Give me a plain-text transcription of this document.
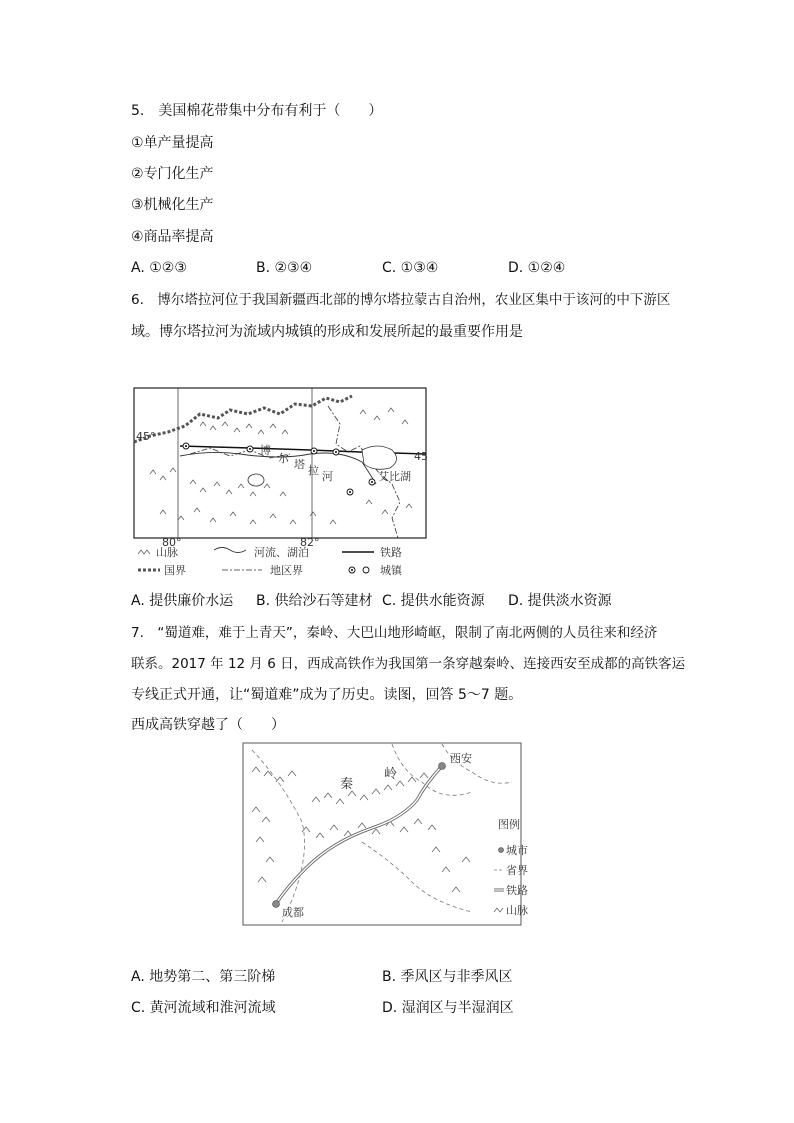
5.　美国棉花带集中分布有利于（　　）
①单产量提高
②专门化生产
③机械化生产
④商品率提高
A. ①②③	B. ②③④	C. ①③④	D. ①②④
6.　博尔塔拉河位于我国新疆西北部的博尔塔拉蒙古自治州，农业区集中于该河的中下游区
域。博尔塔拉河为流域内城镇的形成和发展所起的最重要作用是
45°
45
博
尔 塔 拉 河	艾比湖
80°	82°
山脉	河流、湖泊	铁路
国界	地区界	城镇
A. 提供廉价水运 B. 供给沙石等建材 C. 提供水能资源 D. 提供淡水资源
7.　“蜀道难，难于上青天”，秦岭、大巴山地形崎岖，限制了南北两侧的人员往来和经济
联系。2017 年 12 月 6 日，西成高铁作为我国第一条穿越秦岭、连接西安至成都的高铁客运
专线正式开通，让“蜀道难”成为了历史。读图，回答 5～7 题。
西成高铁穿越了（　　）
西安
成都
秦
岭
图例
城市
省界
铁路
山脉
A. 地势第二、第三阶梯	B. 季风区与非季风区
C. 黄河流域和淮河流域	D. 湿润区与半湿润区
